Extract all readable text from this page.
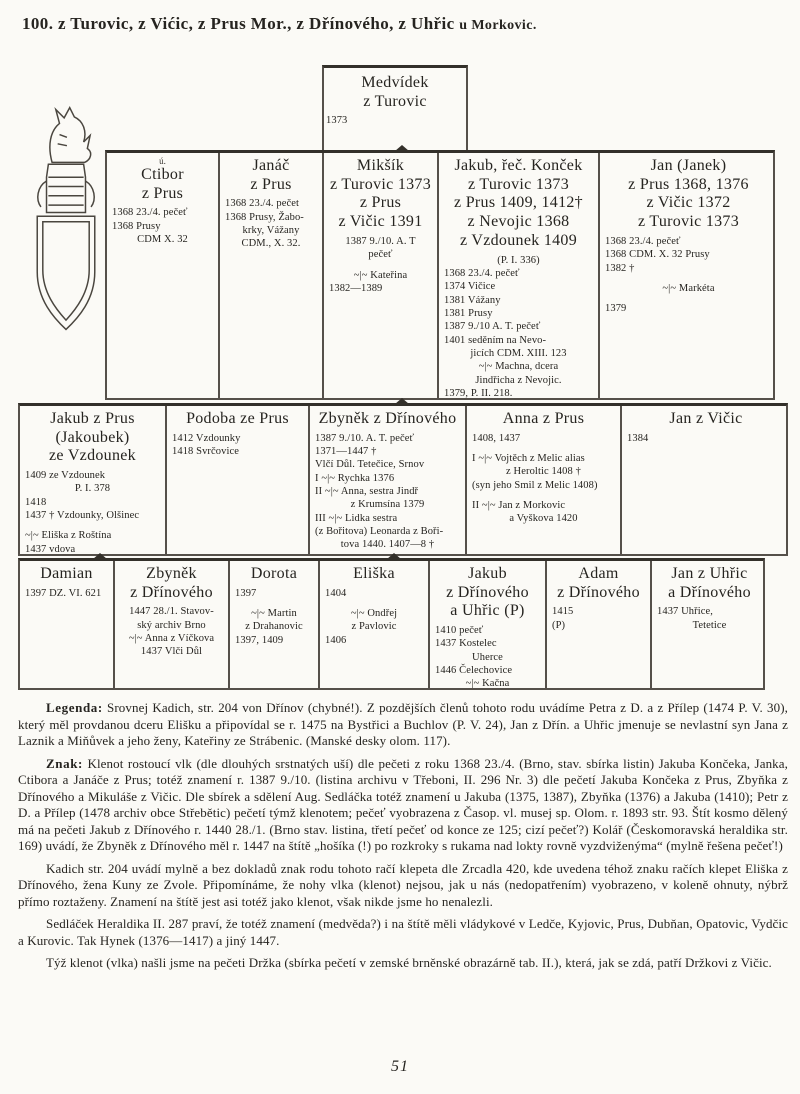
100. z Turovic, z Vićic, z Prus Mor., z Dřínového, z Uhřic u Morkovic.
Medvídek
z Turovic
1373
ú.
Ctibor
z Prus
1368 23./4. pečeť
1368 Prusy
CDM X. 32
Janáč
z Prus
1368 23./4. pečet
1368 Prusy, Žabo-
krky, Vážany
CDM., X. 32.
Mikšík
z Turovic 1373
z Prus
z Vičic 1391
1387 9./10. A. T
pečeť
~|~ Kateřina
1382—1389
Jakub, řeč. Konček
z Turovic 1373
z Prus 1409, 1412†
z Nevojic 1368
z Vzdounek 1409
(P. I. 336)
1368 23./4. pečeť
1374 Vičice
1381 Vážany
1381 Prusy
1387 9./10 A. T. pečeť
1401 seděním na Nevo-
jicích CDM. XIII. 123
~|~ Machna, dcera
Jindřicha z Nevojic.
1379, P. II. 218.
Jan (Janek)
z Prus 1368, 1376
z Vičic 1372
z Turovic 1373
1368 23./4. pečeť
1368 CDM. X. 32 Prusy
1382 †
~|~ Markéta
1379
Jakub z Prus
(Jakoubek)
ze Vzdounek
1409 ze Vzdounek
P. I. 378
1418
1437 † Vzdounky, Olšinec
~|~ Eliška z Roštína
1437 vdova
Podoba ze Prus
1412 Vzdounky
1418 Svrčovice
Zbyněk z Dřínového
1387 9./10. A. T. pečeť
1371—1447 †
Vlčí Důl. Tetečice, Srnov
I ~|~ Rychka 1376
II ~|~ Anna, sestra Jindř
z Krumsína 1379
III ~|~ Lidka sestra
(z Bořitova) Leonarda z Boři-
tova 1440. 1407—8 †
Anna z Prus
1408, 1437
I ~|~ Vojtěch z Melic alias
z Heroltic 1408 †
(syn jeho Smil z Melic 1408)
II ~|~ Jan z Morkovic
a Vyškova 1420
Jan z Vičic
1384
Damian
1397 DZ. VI. 621
Zbyněk
z Dřínového
1447 28./1. Stavov-
ský archiv Brno
~|~ Anna z Víčkova
1437 Vlči Důl
Dorota
1397
~|~ Martin
z Drahanovic
1397, 1409
Eliška
1404
~|~ Ondřej
z Pavlovic
1406
Jakub
z Dřínového
a Uhřic (P)
1410 pečeť
1437 Kostelec
Uherce
1446 Čelechovice
~|~ Kačna
Adam
z Dřínového
1415
(P)
Jan z Uhřic
a Dřínového
1437 Uhřice,
Tetetice

Legenda: Srovnej Kadich, str. 204 von Dřínov (chybné!). Z pozdějších členů tohoto rodu uvádíme Petra z D. a z Přílep (1474 P. V. 30), který měl provdanou dceru Elišku a připovídal se r. 1475 na Bystřici a Buchlov (P. V. 24), Jan z Dřín. a Uhřic jmenuje se nevlastní syn Jana z Laznik a Miňůvek a jeho ženy, Kateřiny ze Strábenic. (Manské desky olom. 117).

Znak: Klenot rostoucí vlk (dle dlouhých srstnatých uší) dle pečeti z roku 1368 23./4. (Brno, stav. sbírka listin) Jakuba Končeka, Janka, Ctibora a Janáče z Prus; totéž znamení r. 1387 9./10. (listina archivu v Třeboni, II. 296 Nr. 3) dle pečetí Jakuba Končeka z Prus, Zbyňka z Dřínového a Mikuláše z Vičic. Dle sbírek a sdělení Aug. Sedláčka totéž znamení u Jakuba (1375, 1387), Zbyňka (1376) a Jakuba (1410); Petr z D. a Přílep (1478 archiv obce Střebětic) pečetí týmž klenotem; pečeť vyobrazena z Časop. vl. musej sp. Olom. r. 1893 str. 93. Štít kosmo dělený má na pečeti Jakub z Dřínového r. 1440 28./1. (Brno stav. listina, třetí pečeť od konce ze 125; cizí pečeť?) Kolář (Českomoravská heraldika str. 169) uvádí, že Zbyněk z Dřínového měl r. 1447 na štítě „hošíka (!) po rozkroky s rukama nad lokty rovně vyzdviženýma“ (mylně řešena pečeť!)

Kadich str. 204 uvádí mylně a bez dokladů znak rodu tohoto račí klepeta dle Zrcadla 420, kde uvedena téhož znaku račích klepet Eliška z Dřínového, žena Kuny ze Zvole. Připomínáme, že nohy vlka (klenot) nejsou, jak u nás (nedopatřením) vyobrazeno, v koleně ohnuty, nýbrž přímo roztaženy. Znamení na štítě jest asi totéž jako klenot, však nikde jsme ho nenalezli.

Sedláček Heraldika II. 287 praví, že totéž znamení (medvěda?) i na štítě měli vládykové v Ledče, Kyjovic, Prus, Dubňan, Opatovic, Vydčic a Kurovic. Tak Hynek (1376—1417) a jiný 1447.

Týž klenot (vlka) našli jsme na pečeti Držka (sbírka pečetí v zemské brněnské obrazárně tab. II.), která, jak se zdá, patří Držkovi z Vičic.

51
